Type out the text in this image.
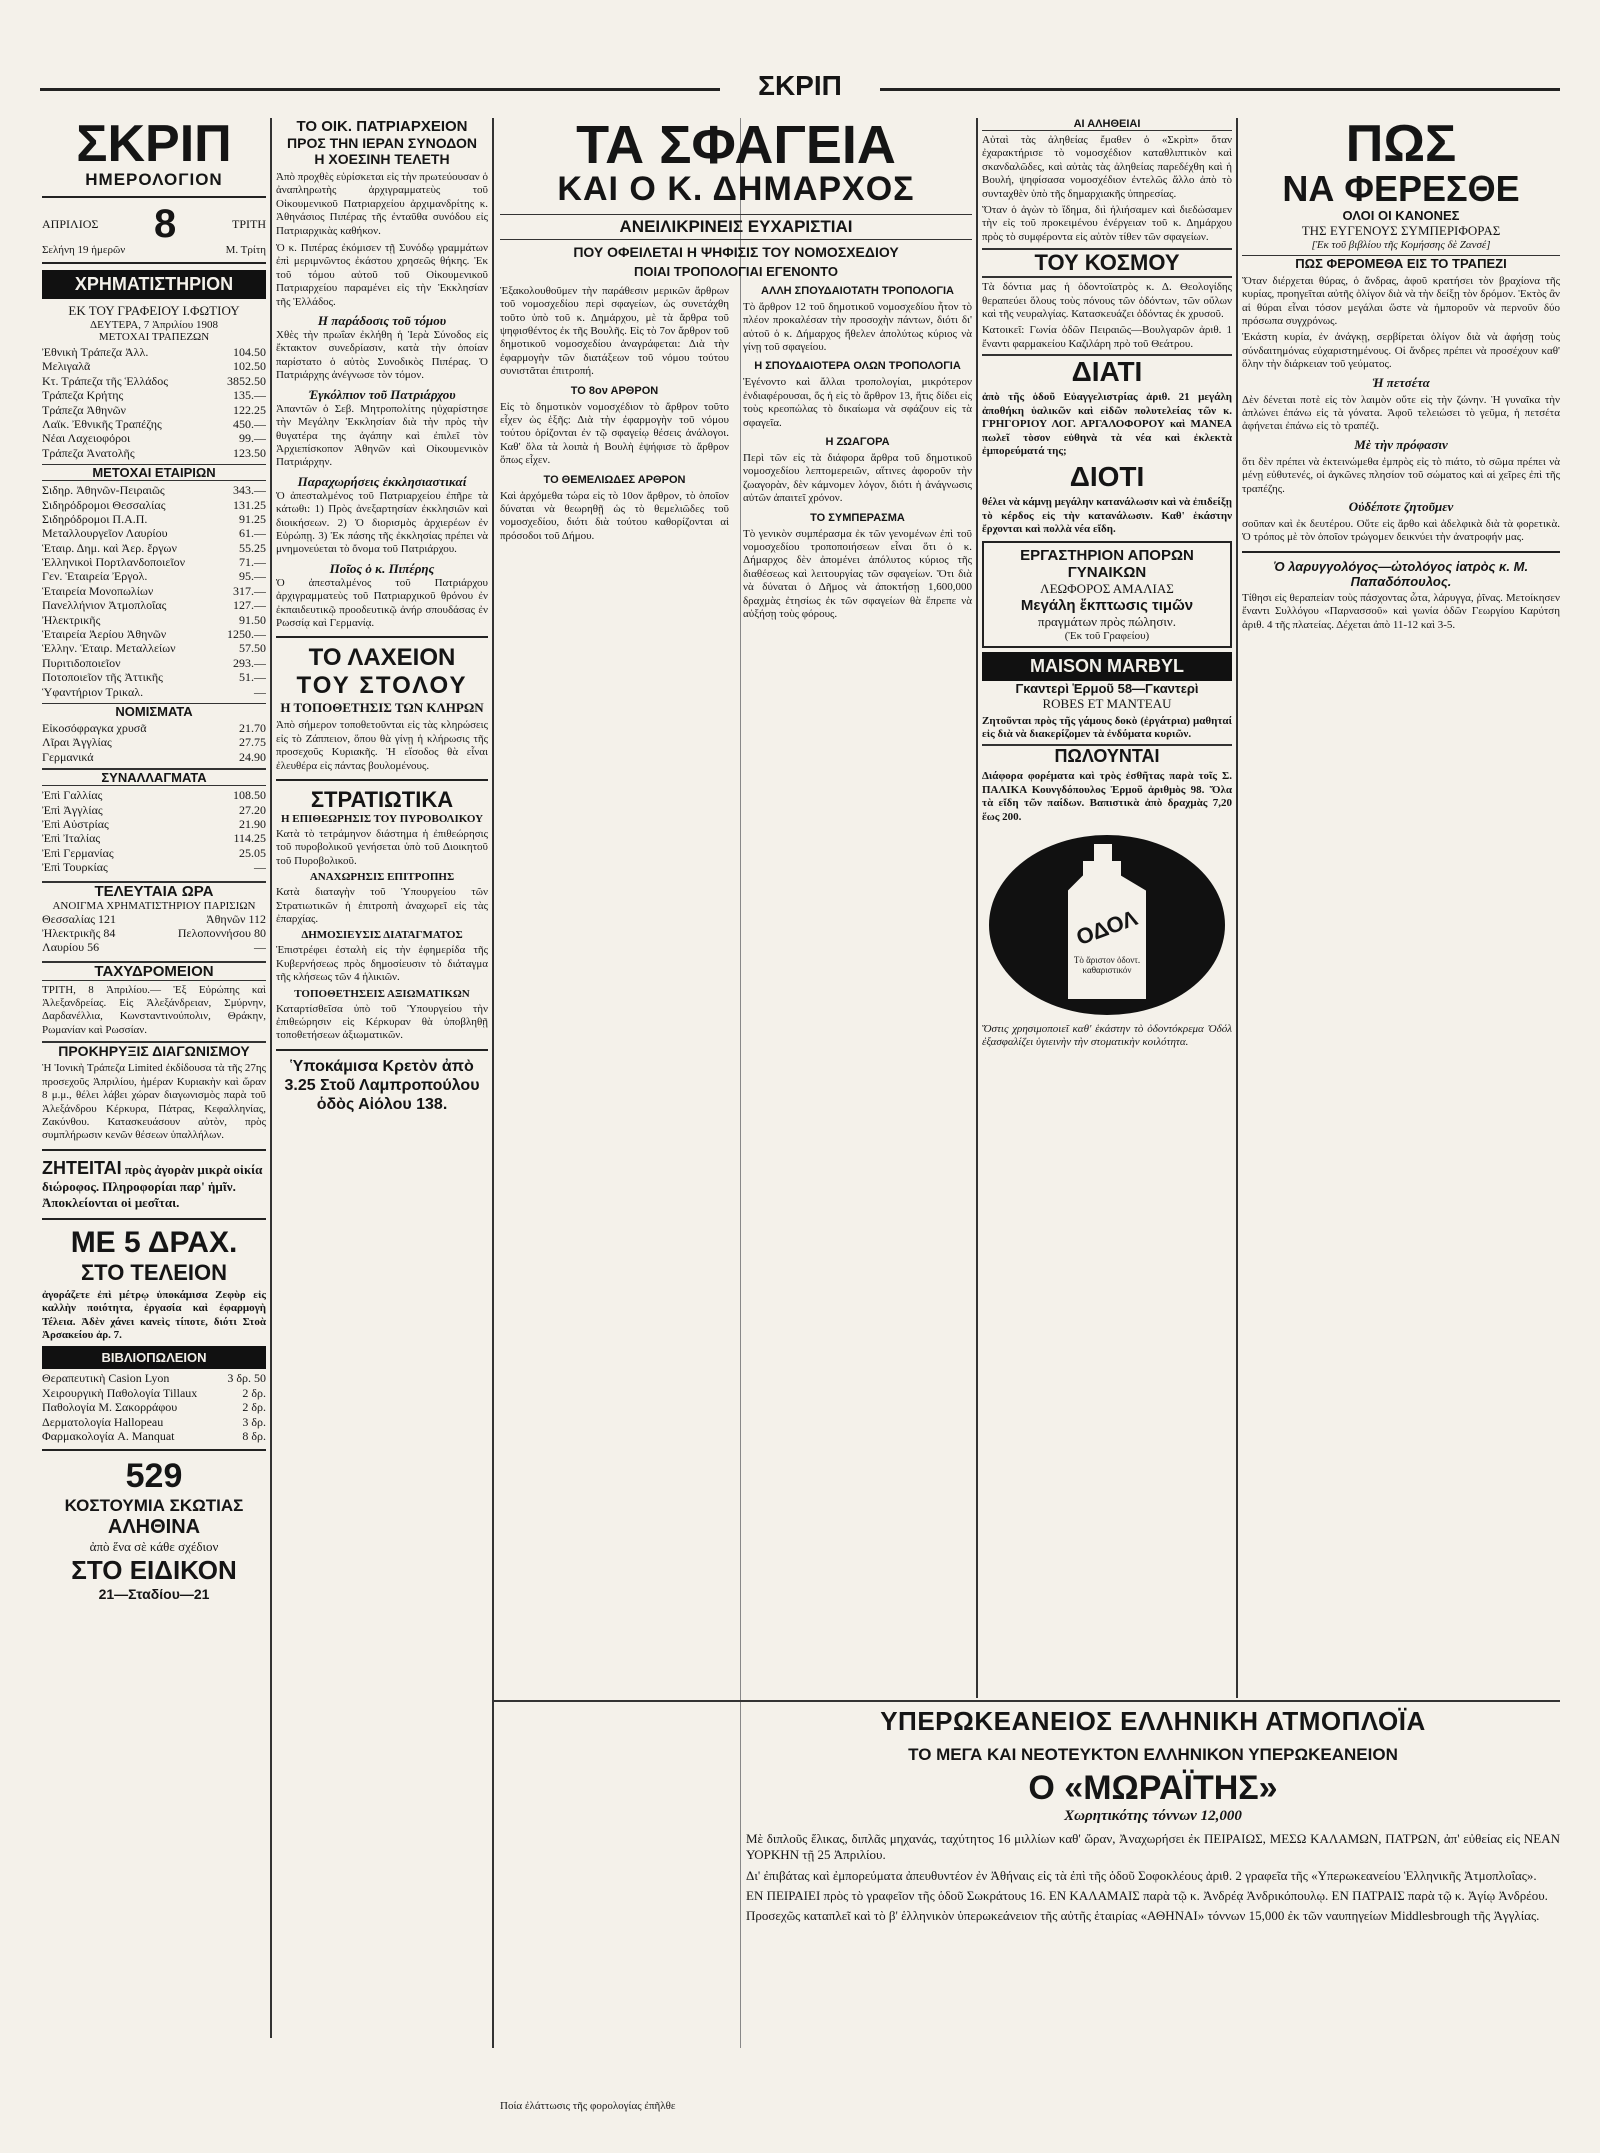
ΣΚΡΙΠ
ΣΚΡΙΠ
ΗΜΕΡΟΛΟΓΙΟΝ
ΑΠΡΙΛΙΟΣ 8	ΤΡΙΤΗ
Σελήνη 19 ἡμερῶν	Μ. Τρίτη
ΧΡΗΜΑΤΙΣΤΗΡΙΟΝ
ΕΚ ΤΟΥ ΓΡΑΦΕΙΟΥ Ι.ΦΩΤΙΟΥ
ΔΕΥΤΕΡΑ, 7 Ἀπριλίου 1908
ΜΕΤΟΧΑΙ ΤΡΑΠΕΖΩΝ
Ἐθνικὴ Τράπεζα Ἀλλ.	104.50
Μελιγαλᾶ	102.50
Κτ. Τράπεζα τῆς Ἑλλάδος	3852.50
Τράπεζα Κρήτης	135.—
Τράπεζα Ἀθηνῶν	122.25
Λαϊκ. Ἐθνικῆς Τραπέζης	450.—
Νέαι Λαχειοφόροι	99.—
Τράπεζα Ἀνατολῆς	123.50
ΜΕΤΟΧΑΙ ΕΤΑΙΡΙΩΝ
Σιδηρ. Ἀθηνῶν-Πειραιῶς	343.—
Σιδηρόδρομοι Θεσσαλίας	131.25
Σιδηρόδρομοι Π.Α.Π.	91.25
Μεταλλουργεῖον Λαυρίου	61.—
Ἑταιρ. Δημ. καὶ Ἀερ. ἔργων	55.25
Ἑλληνικοὶ Πορτλανδοποιεῖον	71.—
Γεν. Ἑταιρεία Ἐργολ.	95.—
Ἑταιρεία Μονοπωλίων	317.—
Πανελλήνιον Ἀτμοπλοΐας	127.—
Ἠλεκτρικῆς	91.50
Ἑταιρεία Ἀερίου Ἀθηνῶν	1250.—
Ἑλλην. Ἑταιρ. Μεταλλείων	57.50
Πυριτιδοποιεῖον	293.—
Ποτοποιεῖον τῆς Ἀττικῆς	51.—
Ὑφαντήριον Τρικαλ.	—
ΝΟΜΙΣΜΑΤΑ
Εἰκοσόφραγκα χρυσᾶ	21.70
Λῖραι Ἀγγλίας	27.75
Γερμανικά	24.90
ΣΥΝΑΛΛΑΓΜΑΤΑ
Ἐπὶ Γαλλίας	108.50
Ἐπὶ Ἀγγλίας	27.20
Ἐπὶ Αὐστρίας	21.90
Ἐπὶ Ἰταλίας	114.25
Ἐπὶ Γερμανίας	25.05
Ἐπὶ Τουρκίας	—
ΤΕΛΕΥΤΑΙΑ ΩΡΑ
ΑΝΟΙΓΜΑ ΧΡΗΜΑΤΙΣΤΗΡΙΟΥ ΠΑΡΙΣΙΩΝ
Θεσσαλίας 121	Ἀθηνῶν 112
Ἠλεκτρικῆς 84	Πελοποννήσου 80
Λαυρίου 56	—
ΤΑΧΥΔΡΟΜΕΙΟΝ

ΤΡΙΤΗ, 8 Ἀπριλίου.— Ἐξ Εὐρώπης καὶ Ἀλεξανδρείας. Εἰς Ἀλεξάνδρειαν, Σμύρνην, Δαρδανέλλια, Κωνσταντινούπολιν, Θράκην, Ρωμανίαν καὶ Ρωσσίαν.

ΠΡΟΚΗΡΥΞΙΣ ΔΙΑΓΩΝΙΣΜΟΥ

Ἡ Ἰονικὴ Τράπεζα Limited ἐκδίδουσα τὰ τῆς 27ης προσεχοῦς Ἀπριλίου, ἡμέραν Κυριακὴν καὶ ὥραν 8 μ.μ., θέλει λάβει χώραν διαγωνισμὸς παρὰ τοῦ Ἀλεξάνδρου Κέρκυρα, Πάτρας, Κεφαλληνίας, Ζακύνθου. Κατασκευάσουν αὐτὸν, πρὸς συμπλήρωσιν κενῶν θέσεων ὑπαλλήλων.

ΖΗΤΕΙΤΑΙ πρὸς ἀγορὰν μικρὰ οἰκία διώροφος. Πληροφορίαι παρ' ἡμῖν. Ἀποκλείονται οἱ μεσῖται.
ΜΕ 5 ΔΡΑΧ.
ΣΤΟ ΤΕΛΕΙΟΝ

ἀγοράζετε ἐπὶ μέτρῳ ὑποκάμισα Ζεφὺρ εἰς καλλὴν ποιότητα, ἐργασία καὶ ἐφαρμογὴ Τέλεια. Ἀδὲν χάνει κανεὶς τίποτε, διότι Στοὰ Ἀρσακείου ἀρ. 7.

ΒΙΒΛΙΟΠΩΛΕΙΟΝ
Θεραπευτικὴ Casion Lyon	3 δρ. 50
Χειρουργικὴ Παθολογία Tillaux	2 δρ.
Παθολογία Μ. Σακορράφου	2 δρ.
Δερματολογία Hallopeau	3 δρ.
Φαρμακολογία A. Manquat	8 δρ.
529
ΚΟΣΤΟΥΜΙΑ ΣΚΩΤΙΑΣ
ΑΛΗΘΙΝΑ
ἀπὸ ἕνα σὲ κάθε σχέδιον
ΣΤΟ ΕΙΔΙΚΟΝ
21—Σταδίου—21
ΤΟ ΟΙΚ. ΠΑΤΡΙΑΡΧΕΙΟΝ
ΠΡΟΣ ΤΗΝ ΙΕΡΑΝ ΣΥΝΟΔΟΝ
Η ΧΟΕΣΙΝΗ ΤΕΛΕΤΗ

Ἀπὸ προχθὲς εὑρίσκεται εἰς τὴν πρωτεύουσαν ὁ ἀναπληρωτὴς ἀρχιγραμματεὺς τοῦ Οἰκουμενικοῦ Πατριαρχείου ἀρχιμανδρίτης κ. Ἀθηνάσιος Πιπέρας τῆς ἐνταῦθα συνόδου εἰς Πατριαρχικὰς καθήκον.

Ὁ κ. Πιπέρας ἐκόμισεν τῇ Συνόδῳ γραμμάτων ἐπὶ μεριμνῶντος ἐκάστου χρησεῶς θήκης. Ἐκ τοῦ τόμου αὐτοῦ τοῦ Οἰκουμενικοῦ Πατριαρχείου παραμένει εἰς τὴν Ἐκκλησίαν τῆς Ἑλλάδος.

Η παράδοσις τοῦ τόμου

Χθὲς τὴν πρωΐαν ἐκλήθη ἡ Ἱερὰ Σύνοδος εἰς ἔκτακτον συνεδρίασιν, κατὰ τὴν ὁποίαν παρίστατο ὁ αὐτὸς Συνοδικὸς Πιπέρας. Ὁ Πατριάρχης ἀνέγνωσε τὸν τόμον.

Ἐγκόλπιον τοῦ Πατριάρχου

Ἀπαντῶν ὁ Σεβ. Μητροπολίτης ηὐχαρίστησε τὴν Μεγάλην Ἐκκλησίαν διὰ τὴν πρὸς τὴν θυγατέρα της ἀγάπην καὶ ἐπιλεῖ τὸν Ἀρχιεπίσκοπον Ἀθηνῶν καὶ Οἰκουμενικὸν Πατριάρχην.

Παραχωρήσεις ἐκκλησιαστικαί

Ὁ ἀπεσταλμένος τοῦ Πατριαρχείου ἐπῆρε τὰ κάτωθι: 1) Πρὸς ἀνεξαρτησίαν ἐκκλησιῶν καὶ διοικήσεων. 2) Ὁ διορισμὸς ἀρχιερέων ἐν Εὐρώπῃ. 3) Ἐκ πάσης τῆς ἐκκλησίας πρέπει νὰ μνημονεύεται τὸ ὄνομα τοῦ Πατριάρχου.

Ποῖος ὁ κ. Πιπέρης

Ὁ ἀπεσταλμένος τοῦ Πατριάρχου ἀρχιγραμματεὺς τοῦ Πατριαρχικοῦ θρόνου ἐν ἐκπαιδευτικῷ προοδευτικῷ ἀνήρ σπουδάσας ἐν Ρωσσίᾳ καὶ Γερμανίᾳ.

ΤΟ ΛΑΧΕΙΟΝ
ΤΟΥ ΣΤΟΛΟΥ
Η ΤΟΠΟΘΕΤΗΣΙΣ ΤΩΝ ΚΛΗΡΩΝ

Ἀπὸ σήμερον τοποθετοῦνται εἰς τὰς κληρώσεις εἰς τὸ Ζάππειον, ὅπου θὰ γίνῃ ἡ κλήρωσις τῆς προσεχοῦς Κυριακῆς. Ἡ εἴσοδος θὰ εἶναι ἐλευθέρα εἰς πάντας βουλομένους.

ΣΤΡΑΤΙΩΤΙΚΑ
Η ΕΠΙΘΕΩΡΗΣΙΣ ΤΟΥ ΠΥΡΟΒΟΛΙΚΟΥ

Κατὰ τὸ τετράμηνον διάστημα ἡ ἐπιθεώρησις τοῦ πυροβολικοῦ γενήσεται ὑπὸ τοῦ Διοικητοῦ τοῦ Πυροβολικοῦ.

ΑΝΑΧΩΡΗΣΙΣ ΕΠΙΤΡΟΠΗΣ

Κατὰ διαταγὴν τοῦ Ὑπουργείου τῶν Στρατιωτικῶν ἡ ἐπιτροπὴ ἀναχωρεῖ εἰς τὰς ἐπαρχίας.

ΔΗΜΟΣΙΕΥΣΙΣ ΔΙΑΤΑΓΜΑΤΟΣ

Ἐπιστρέφει ἐσταλὴ εἰς τὴν ἐφημερίδα τῆς Κυβερνήσεως πρὸς δημοσίευσιν τὸ διάταγμα τῆς κλήσεως τῶν 4 ἡλικιῶν.

ΤΟΠΟΘΕΤΗΣΕΙΣ ΑΞΙΩΜΑΤΙΚΩΝ

Καταρτίσθεῖσα ὑπὸ τοῦ Ὑπουργείου τὴν ἐπιθεώρησιν εἰς Κέρκυραν θὰ ὑποβληθῇ τοποθετήσεων ἀξιωματικῶν.

Ὑποκάμισα Κρετὸν ἀπὸ 3.25 Στοῦ Λαμπροπούλου ὁδὸς Αἰόλου 138.
ΤΑ ΣΦΑΓΕΙΑ
ΚΑΙ Ο Κ. ΔΗΜΑΡΧΟΣ
ΑΝΕΙΛΙΚΡΙΝΕΙΣ ΕΥΧΑΡΙΣΤΙΑΙ
ΠΟΥ ΟΦΕΙΛΕΤΑΙ Η ΨΗΦΙΣΙΣ ΤΟΥ ΝΟΜΟΣΧΕΔΙΟΥ
ΠΟΙΑΙ ΤΡΟΠΟΛΟΓΙΑΙ ΕΓΕΝΟΝΤΟ

Ἐξακολουθοῦμεν τὴν παράθεσιν μερικῶν ἄρθρων τοῦ νομοσχεδίου περὶ σφαγείων, ὡς συνετάχθη τοῦτο ὑπὸ τοῦ κ. Δημάρχου, μὲ τὰ ἄρθρα τοῦ ψηφισθέντος ἐκ τῆς Βουλῆς. Εἰς τὸ 7ον ἄρθρον τοῦ δημοτικοῦ νομοσχεδίου ἀναγράφεται: Διὰ τὴν ἐφαρμογὴν τῶν διατάξεων τοῦ νόμου τούτου συνιστᾶται ἐπιτροπή.

ΤΟ 8ον ΑΡΘΡΟΝ

Εἰς τὸ δημοτικὸν νομοσχέδιον τὸ ἄρθρον τοῦτο εἶχεν ὡς ἑξῆς: Διὰ τὴν ἐφαρμογὴν τοῦ νόμου τούτου ὁρίζονται ἐν τῷ σφαγείῳ θέσεις ἀνάλογοι. Καθ' ὅλα τὰ λοιπὰ ἡ Βουλὴ ἐψήφισε τὸ ἄρθρον ὅπως εἶχεν.

ΤΟ ΘΕΜΕΛΙΩΔΕΣ ΑΡΘΡΟΝ

Καὶ ἀρχόμεθα τώρα εἰς τὸ 10ον ἄρθρον, τὸ ὁποῖον δύναται νὰ θεωρηθῇ ὡς τὸ θεμελιῶδες τοῦ νομοσχεδίου, διότι διὰ τούτου καθορίζονται αἱ πρόσοδοι τοῦ Δήμου.

ΑΛΛΗ ΣΠΟΥΔΑΙΟΤΑΤΗ ΤΡΟΠΟΛΟΓΙΑ

Τὸ ἄρθρον 12 τοῦ δημοτικοῦ νομοσχεδίου ἦτον τὸ πλέον προκαλέσαν τὴν προσοχὴν πάντων, διότι δι' αὐτοῦ ὁ κ. Δήμαρχος ἤθελεν ἀπολύτως κύριος νὰ γίνῃ τοῦ σφαγείου.

Η ΣΠΟΥΔΑΙΟΤΕΡΑ ΟΛΩΝ ΤΡΟΠΟΛΟΓΙΑ

Ἐγένοντο καὶ ἄλλαι τροπολογίαι, μικρότερον ἐνδιαφέρουσαι, ὅς ἡ εἰς τὸ ἄρθρον 13, ἥτις δίδει εἰς τοὺς κρεοπώλας τὸ δικαίωμα νὰ σφάζουν εἰς τὰ σφαγεῖα.

Η ΖΩΑΓΟΡΑ

Περὶ τῶν εἰς τὰ διάφορα ἄρθρα τοῦ δημοτικοῦ νομοσχεδίου λεπτομερειῶν, αἵτινες ἀφοροῦν τὴν ζωαγορὰν, δὲν κάμνομεν λόγον, διότι ἡ ἀνάγνωσις αὐτῶν ἀπαιτεῖ χρόνον.

ΤΟ ΣΥΜΠΕΡΑΣΜΑ

Τὸ γενικὸν συμπέρασμα ἐκ τῶν γενομένων ἐπὶ τοῦ νομοσχεδίου τροποποιήσεων εἶναι ὅτι ὁ κ. Δήμαρχος δὲν ἀπομένει ἀπόλυτος κύριος τῆς διαθέσεως καὶ λειτουργίας τῶν σφαγείων. Ὅτι διὰ νὰ δύναται ὁ Δῆμος νὰ ἀποκτήσῃ 1,600,000 δραχμὰς ἐτησίως ἐκ τῶν σφαγείων θὰ ἔπρεπε νὰ αὐξήσῃ τοὺς φόρους.

Ποία ἐλάττωσις τῆς φορολογίας ἐπῆλθε
ΑΙ ΑΛΗΘΕΙΑΙ

Αὐταὶ τὰς ἀληθείας ἔμαθεν ὁ «Σκρὶπ» ὅταν ἐχαρακτήρισε τὸ νομοσχέδιον καταθλιπτικὸν καὶ σκανδαλῶδες, καὶ αὐτὰς τὰς ἀληθείας παρεδέχθη καὶ ἡ Βουλή, ψηφίσασα νομοσχέδιον ἐντελῶς ἄλλο ἀπὸ τὸ συνταχθὲν ὑπὸ τῆς δημαρχιακῆς ὑπηρεσίας.

Ὅταν ὁ ἀγὼν τὸ ἴδημα, διὶ ἠλιήσαμεν καὶ διεδώσαμεν τὴν εἰς τοῦ προκειμένου ἐνέργειαν τοῦ κ. Δημάρχου πρὸς τὸ συμφέροντα εἰς αὐτὸν τίθεν τῶν σφαγείων.

ΤΟΥ ΚΟΣΜΟΥ

Τὰ δόντια μας ἡ ὀδοντοϊατρὸς κ. Δ. Θεολογίδης θεραπεύει ὅλους τοὺς πόνους τῶν ὀδόντων, τῶν οὔλων καὶ τῆς νευραλγίας. Κατασκευάζει ὀδόντας ἐκ χρυσοῦ.

Κατοικεῖ: Γωνία ὁδῶν Πειραιῶς—Βουλγαρῶν ἀριθ. 1 ἔναντι φαρμακείου Καζιλάρη πρὸ τοῦ Θεάτρου.

ΔΙΑΤΙ

ἀπὸ τῆς ὁδοῦ Εὐαγγελιστρίας ἀριθ. 21 μεγάλη ἀποθήκη ὑαλικῶν καὶ εἰδῶν πολυτελείας τῶν κ. ΓΡΗΓΟΡΙΟΥ ΛΟΓ. ΑΡΓΑΛΟΦΟΡΟΥ καὶ ΜΑΝΕΑ πωλεῖ τὸσον εὐθηνὰ τὰ νέα καὶ ἐκλεκτὰ ἐμπορεύματά της;

ΔΙΟΤΙ

θέλει νὰ κάμνῃ μεγάλην κατανάλωσιν καὶ νὰ ἐπιδείξῃ τὸ κέρδος εἰς τὴν κατανάλωσιν. Καθ' ἑκάστην ἔρχονται καὶ πολλὰ νέα εἴδη.

ΕΡΓΑΣΤΗΡΙΟΝ ΑΠΟΡΩΝ ΓΥΝΑΙΚΩΝ
ΛΕΩΦΟΡΟΣ ΑΜΑΛΙΑΣ
Μεγάλη ἔκπτωσις τιμῶν
πραγμάτων πρὸς πώλησιν.
(Ἐκ τοῦ Γραφείου)
MAISON MARBYL
Γκαντερὶ Ἑρμοῦ 58—Γκαντερὶ
ROBES ET MANTEAU

Ζητοῦνται πρὸς τῆς γάμους δοκὸ (ἐργάτρια) μαθηταί εἰς διὰ νὰ διακερίζομεν τὰ ἐνδύματα κυριῶν.

ΠΩΛΟΥΝΤΑΙ

Διάφορα φορέματα καὶ τρὸς ἐσθῆτας παρὰ τοῖς Σ. ΠΑΛΙΚΑ Κουνγδόπουλος Ἑρμοῦ ἀριθμὸς 98. Ὅλα τὰ εἴδη τῶν παίδων. Βαπιστικὰ ἀπὸ δραχμὰς 7,20 ἕως 200.

ΟΔΟΛ
Τὸ ἄριστον ὀδοντ. καθαριστικόν

Ὅστις χρησιμοποιεῖ καθ' ἑκάστην τὸ ὀδοντόκρεμα Ὀδόλ ἐξασφαλίζει ὑγιεινὴν τὴν στοματικὴν κοιλότητα.

ΠΩΣ
ΝΑ ΦΕΡΕΣΘΕ
ΟΛΟΙ ΟΙ ΚΑΝΟΝΕΣ
ΤΗΣ ΕΥΓΕΝΟΥΣ ΣΥΜΠΕΡΙΦΟΡΑΣ
[Ἐκ τοῦ βιβλίου τῆς Κομήσσης δὲ Ζανσέ]
ΠΩΣ ΦΕΡΟΜΕΘΑ ΕΙΣ ΤΟ ΤΡΑΠΕΖΙ

Ὅταν διέρχεται θύρας, ὁ ἄνδρας, ἀφοῦ κρατήσει τὸν βραχίονα τῆς κυρίας, προηγεῖται αὐτῆς ὀλίγον διὰ νὰ τὴν δείξῃ τὸν δρόμον. Ἐκτὸς ἂν αἱ θύραι εἶναι τόσον μεγάλαι ὥστε νὰ ἠμποροῦν νὰ περνοῦν δύο πρόσωπα συγχρόνως.

Ἐκάστη κυρία, ἐν ἀνάγκῃ, σερβίρεται ὀλίγον διὰ νὰ ἀφήσῃ τοὺς σύνδαιτημόνας εὐχαριστημένους. Οἱ ἄνδρες πρέπει νὰ προσέχουν καθ' ὅλην τὴν διάρκειαν τοῦ γεύματος.

Ἡ πετσέτα

Δὲν δένεται ποτὲ εἰς τὸν λαιμὸν οὔτε εἰς τὴν ζώνην. Ἡ γυναῖκα τὴν ἁπλώνει ἐπάνω εἰς τὰ γόνατα. Ἀφοῦ τελειώσει τὸ γεῦμα, ἡ πετσέτα ἀφήνεται ἐπάνω εἰς τὸ τραπέζι.

Μὲ τὴν πρόφασιν

ὅτι δὲν πρέπει νὰ ἐκτεινώμεθα ἐμπρὸς εἰς τὸ πιάτο, τὸ σῶμα πρέπει νὰ μένῃ εὐθυτενές, οἱ ἀγκῶνες πλησίον τοῦ σώματος καὶ αἱ χεῖρες ἐπὶ τῆς τραπέζης.

Οὐδέποτε ζητοῦμεν

σοῦπαν καὶ ἐκ δευτέρου. Οὔτε εἰς ἄρθο καὶ ἀδελφικὰ διὰ τὰ φορετικὰ. Ὁ τρόπος μὲ τὸν ὁποῖον τρώγομεν δεικνύει τὴν ἀνατροφήν μας.

Ὁ λαρυγγολόγος—ὠτολόγος ἰατρὸς κ. Μ. Παπαδόπουλος.

Τίθησι εἰς θεραπείαν τοὺς πάσχοντας ὦτα, λάρυγγα, ῥῖνας. Μετοίκησεν ἔναντι Συλλόγου «Παρνασσοῦ» καὶ γωνία ὁδῶν Γεωργίου Καρύτση ἀριθ. 4 τῆς πλατείας. Δέχεται ἀπὸ 11-12 καὶ 3-5.

ΥΠΕΡΩΚΕΑΝΕΙΟΣ ΕΛΛΗΝΙΚΗ ΑΤΜΟΠΛΟΪΑ
ΤΟ ΜΕΓΑ ΚΑΙ ΝΕΟΤΕΥΚΤΟΝ ΕΛΛΗΝΙΚΟΝ ΥΠΕΡΩΚΕΑΝΕΙΟΝ
Ο «ΜΩΡΑΪΤΗΣ»
Χωρητικότης τόννων 12,000

Μὲ διπλοῦς ἕλικας, διπλᾶς μηχανάς, ταχύτητος 16 μιλλίων καθ' ὥραν, Ἀναχωρήσει ἐκ ΠΕΙΡΑΙΩΣ, ΜΕΣΩ ΚΑΛΑΜΩΝ, ΠΑΤΡΩΝ, ἀπ' εὐθείας εἰς ΝΕΑΝ ΥΟΡΚΗΝ τῇ 25 Ἀπριλίου.

Δι' ἐπιβάτας καὶ ἐμπορεύματα ἀπευθυντέον ἐν Ἀθήναις εἰς τὰ ἐπὶ τῆς ὁδοῦ Σοφοκλέους ἀριθ. 2 γραφεῖα τῆς «Υπερωκεανείου Ἑλληνικῆς Ἀτμοπλοΐας».

ΕΝ ΠΕΙΡΑΙΕΙ πρὸς τὸ γραφεῖον τῆς ὁδοῦ Σωκράτους 16. ΕΝ ΚΑΛΑΜΑΙΣ παρὰ τῷ κ. Ἀνδρέᾳ Ἀνδρικόπουλῳ. ΕΝ ΠΑΤΡΑΙΣ παρὰ τῷ κ. Ἀγίῳ Ἀνδρέου.

Προσεχῶς καταπλεῖ καὶ τὸ β' ἑλληνικὸν ὑπερωκεάνειον τῆς αὐτῆς ἑταιρίας «ΑΘΗΝΑΙ» τόννων 15,000 ἐκ τῶν ναυπηγείων Middlesbrough τῆς Ἀγγλίας.
